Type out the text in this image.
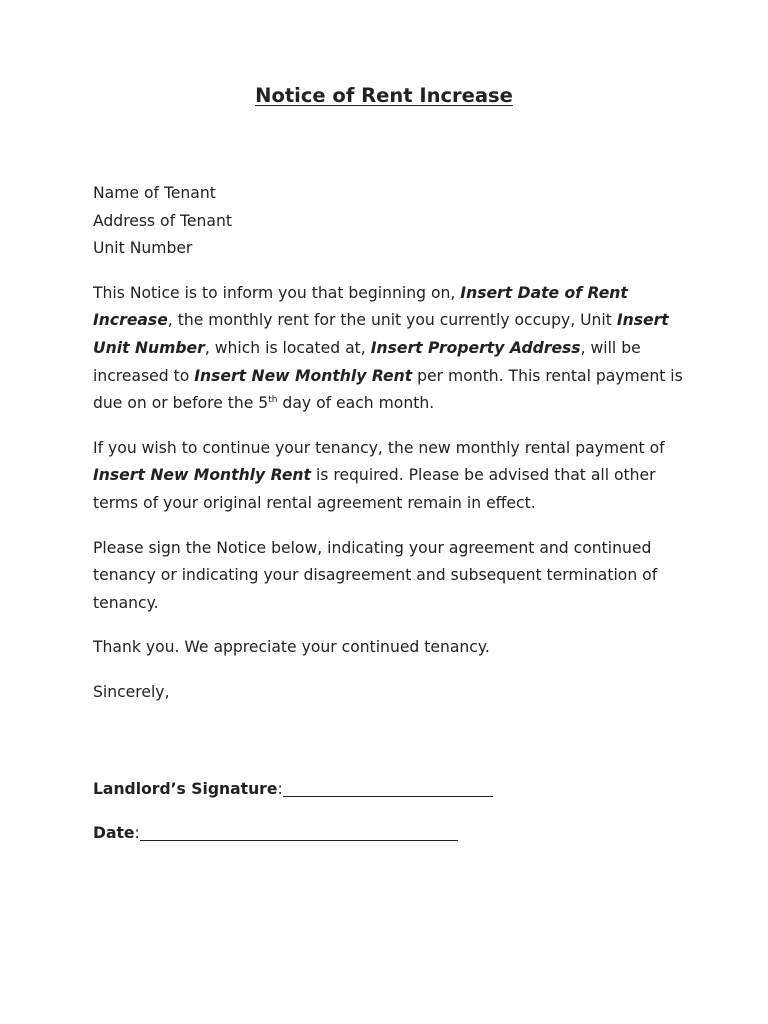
Notice of Rent Increase
Name of Tenant
Address of Tenant
Unit Number

This Notice is to inform you that beginning on, Insert Date of Rent Increase, the monthly rent for the unit you currently occupy, Unit Insert Unit Number, which is located at, Insert Property Address, will be increased to Insert New Monthly Rent per month. This rental payment is due on or before the 5th day of each month.

If you wish to continue your tenancy, the new monthly rental payment of Insert New Monthly Rent is required. Please be advised that all other terms of your original rental agreement remain in effect.

Please sign the Notice below, indicating your agreement and continued tenancy or indicating your disagreement and subsequent termination of tenancy.

Thank you. We appreciate your continued tenancy.

Sincerely,

Landlord’s Signature:
Date:
